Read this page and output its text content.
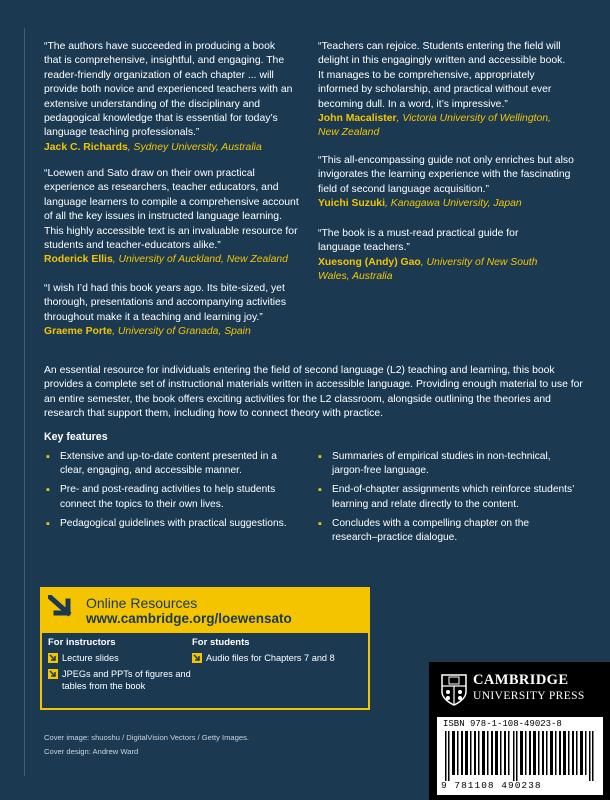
“The authors have succeeded in producing a book that is comprehensive, insightful, and engaging. The reader-friendly organization of each chapter ... will provide both novice and experienced teachers with an extensive understanding of the disciplinary and pedagogical knowledge that is essential for today’s language teaching professionals.”

Jack C. Richards, Sydney University, Australia

“Loewen and Sato draw on their own practical experience as researchers, teacher educators, and language learners to compile a comprehensive account of all the key issues in instructed language learning. This highly accessible text is an invaluable resource for students and teacher-educators alike.”

Roderick Ellis, University of Auckland, New Zealand

“I wish I’d had this book years ago. Its bite-sized, yet thorough, presentations and accompanying activities throughout make it a teaching and learning joy.”

Graeme Porte, University of Granada, Spain

“Teachers can rejoice. Students entering the field will delight in this engagingly written and accessible book. It manages to be comprehensive, appropriately informed by scholarship, and practical without ever becoming dull. In a word, it’s impressive.”

John Macalister, Victoria University of Wellington, New Zealand

“This all-encompassing guide not only enriches but also invigorates the learning experience with the fascinating field of second language acquisition.”

Yuichi Suzuki, Kanagawa University, Japan

“The book is a must-read practical guide for language teachers.”

Xuesong (Andy) Gao, University of New South Wales, Australia
An essential resource for individuals entering the field of second language (L2) teaching and learning, this book provides a complete set of instructional materials written in accessible language. Providing enough material to use for an entire semester, the book offers exciting activities for the L2 classroom, alongside outlining the theories and research that support them, including how to connect theory with practice.
Key features
▪ Extensive and up-to-date content presented in a clear, engaging, and accessible manner.
▪ Pre- and post-reading activities to help students connect the topics to their own lives.
▪ Pedagogical guidelines with practical suggestions.
▪ Summaries of empirical studies in non-technical, jargon-free language.
▪ End-of-chapter assignments which reinforce students’ learning and relate directly to the content.
▪ Concludes with a compelling chapter on the research–practice dialogue.
Online Resources
www.cambridge.org/loewensato
For instructors
Lecture slides
JPEGs and PPTs of figures and tables from the book
For students
Audio files for Chapters 7 and 8
Cover image: shuoshu / DigitalVision Vectors / Getty Images.
Cover design: Andrew Ward
CAMBRIDGE
UNIVERSITY PRESS
ISBN 978-1-108-49023-8
9 781108 490238
